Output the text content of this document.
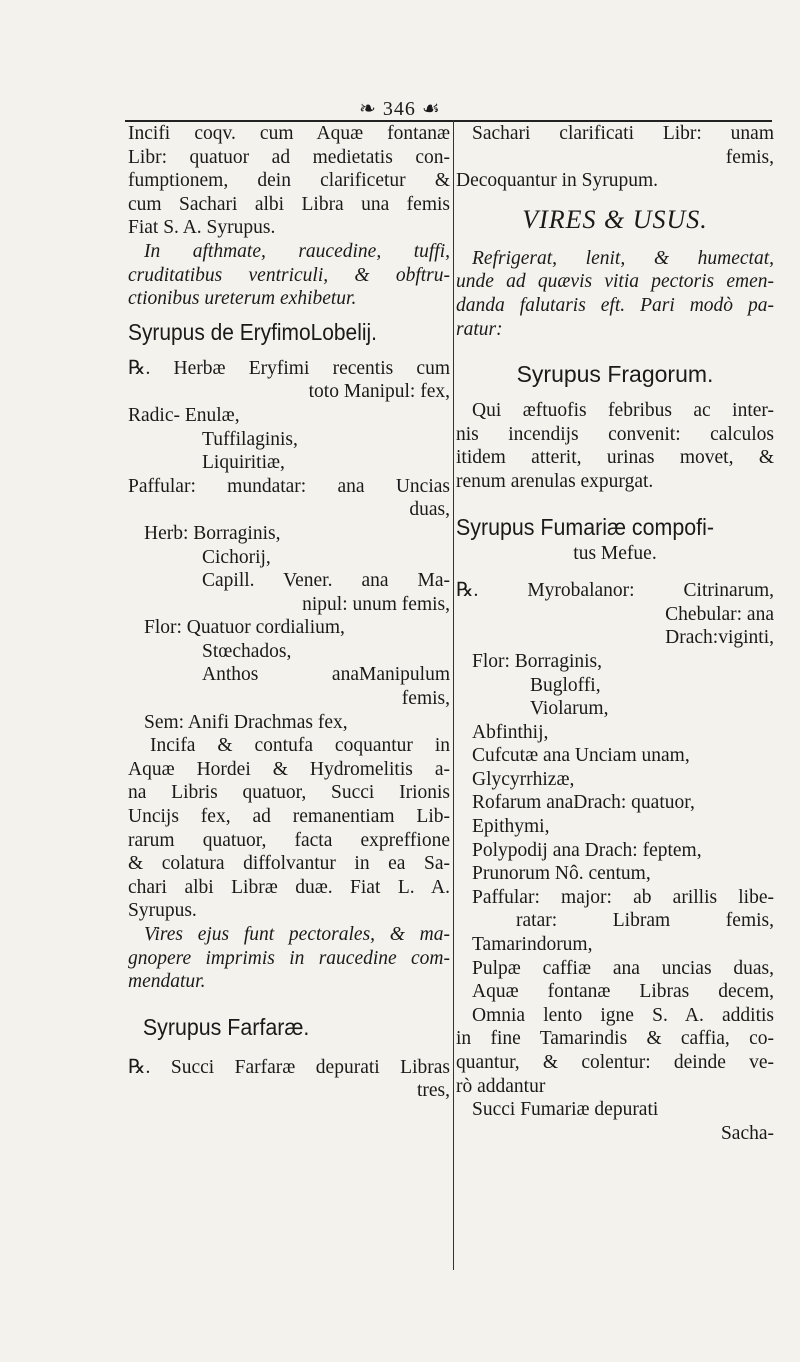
❧ 346 ☙
Incifi coqv. cum Aquæ fontanæ
Libr: quatuor ad medietatis con-
fumptionem, dein clarificetur &
cum Sachari albi Libra una femis
Fiat S. A. Syrupus.
In afthmate, raucedine, tuffi,
cruditatibus ventriculi, & obftru-
ctionibus ureterum exhibetur.
Syrupus de EryfimoLobelij.
℞. Herbæ Eryfimi recentis cum
toto Manipul: fex,
Radic- Enulæ,
Tuffilaginis,
Liquiritiæ,
Paffular: mundatar: ana Uncias
duas,
Herb: Borraginis,
Cichorij,
Capill. Vener. ana Ma-
nipul: unum femis,
Flor: Quatuor cordialium,
Stœchados,
Anthos anaManipulum
femis,
Sem: Anifi Drachmas fex,
Incifa & contufa coquantur in
Aquæ Hordei & Hydromelitis a-
na Libris quatuor, Succi Irionis
Uncijs fex, ad remanentiam Lib-
rarum quatuor, facta expreffione
& colatura diffolvantur in ea Sa-
chari albi Libræ duæ. Fiat L. A.
Syrupus.
Vires ejus funt pectorales, & ma-
gnopere imprimis in raucedine com-
mendatur.
Syrupus Farfaræ.
℞. Succi Farfaræ depurati Libras
tres,
Sachari clarificati Libr: unam
femis,
Decoquantur in Syrupum.
VIRES & USUS.
Refrigerat, lenit, & humectat,
unde ad quævis vitia pectoris emen-
danda falutaris eft. Pari modò pa-
ratur:
Syrupus Fragorum.
Qui æftuofis febribus ac inter-
nis incendijs convenit: calculos
itidem atterit, urinas movet, &
renum arenulas expurgat.
Syrupus Fumariæ compofi-
tus Mefue.
℞. Myrobalanor: Citrinarum,
Chebular: ana
Drach:viginti,
Flor: Borraginis,
Bugloffi,
Violarum,
Abfinthij,
Cufcutæ ana Unciam unam,
Glycyrrhizæ,
Rofarum anaDrach: quatuor,
Epithymi,
Polypodij ana Drach: feptem,
Prunorum Nô. centum,
Paffular: major: ab arillis libe-
ratar: Libram femis,
Tamarindorum,
Pulpæ caffiæ ana uncias duas,
Aquæ fontanæ Libras decem,
Omnia lento igne S. A. additis
in fine Tamarindis & caffia, co-
quantur, & colentur: deinde ve-
rò addantur
Succi Fumariæ depurati
Sacha-
